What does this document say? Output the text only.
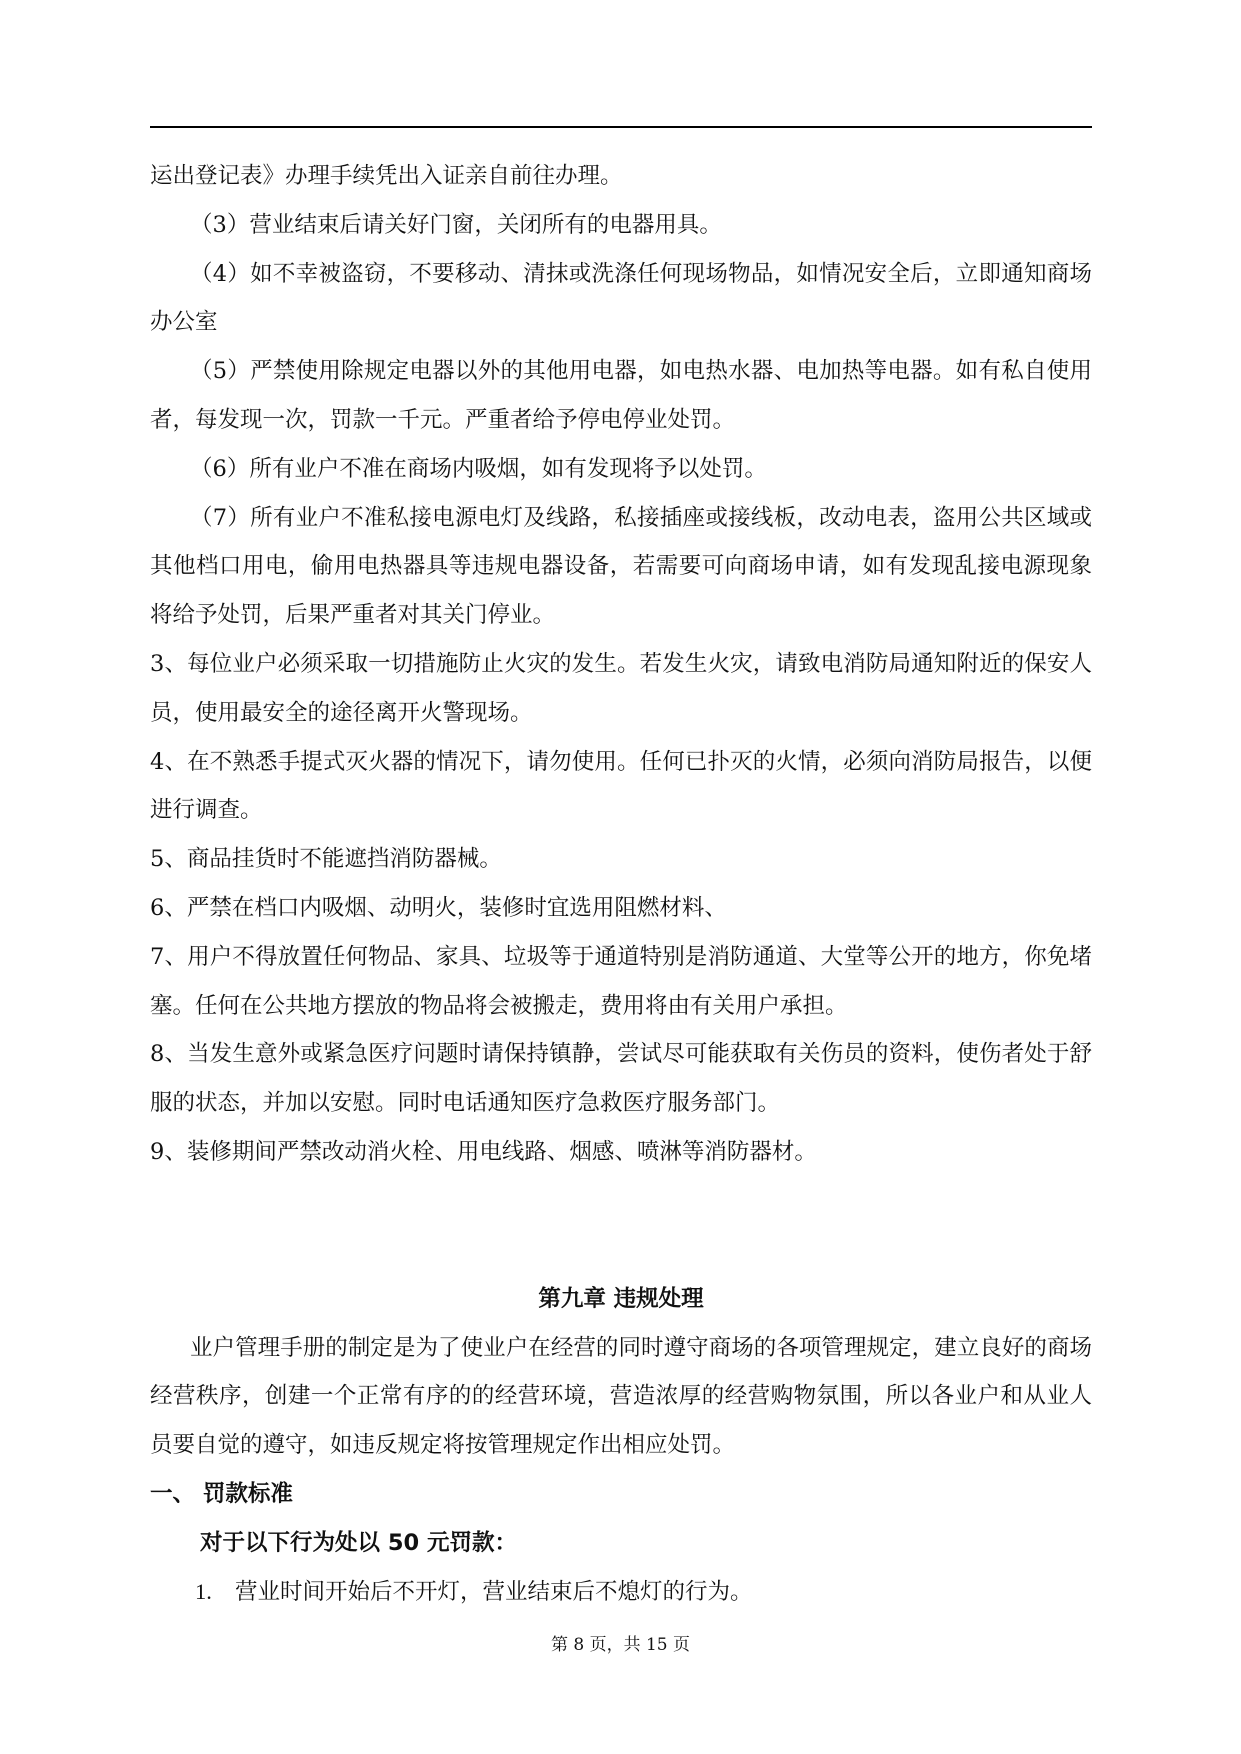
运出登记表》办理手续凭出入证亲自前往办理。

（3）营业结束后请关好门窗，关闭所有的电器用具。

（4）如不幸被盗窃，不要移动、清抹或洗涤任何现场物品，如情况安全后，立即通知商场办公室

（5）严禁使用除规定电器以外的其他用电器，如电热水器、电加热等电器。如有私自使用者，每发现一次，罚款一千元。严重者给予停电停业处罚。

（6）所有业户不准在商场内吸烟，如有发现将予以处罚。

（7）所有业户不准私接电源电灯及线路，私接插座或接线板，改动电表，盗用公共区域或其他档口用电，偷用电热器具等违规电器设备，若需要可向商场申请，如有发现乱接电源现象将给予处罚，后果严重者对其关门停业。

3、每位业户必须采取一切措施防止火灾的发生。若发生火灾，请致电消防局通知附近的保安人员，使用最安全的途径离开火警现场。

4、在不熟悉手提式灭火器的情况下，请勿使用。任何已扑灭的火情，必须向消防局报告，以便进行调查。

5、商品挂货时不能遮挡消防器械。

6、严禁在档口内吸烟、动明火，装修时宜选用阻燃材料、

7、用户不得放置任何物品、家具、垃圾等于通道特别是消防通道、大堂等公开的地方，你免堵塞。任何在公共地方摆放的物品将会被搬走，费用将由有关用户承担。

8、当发生意外或紧急医疗问题时请保持镇静，尝试尽可能获取有关伤员的资料，使伤者处于舒服的状态，并加以安慰。同时电话通知医疗急救医疗服务部门。

9、装修期间严禁改动消火栓、用电线路、烟感、喷淋等消防器材。

第九章 违规处理

业户管理手册的制定是为了使业户在经营的同时遵守商场的各项管理规定，建立良好的商场经营秩序，创建一个正常有序的的经营环境，营造浓厚的经营购物氛围，所以各业户和从业人员要自觉的遵守，如违反规定将按管理规定作出相应处罚。

一、 罚款标准

对于以下行为处以 50 元罚款：

1. 营业时间开始后不开灯，营业结束后不熄灯的行为。

第 8 页，共 15 页
